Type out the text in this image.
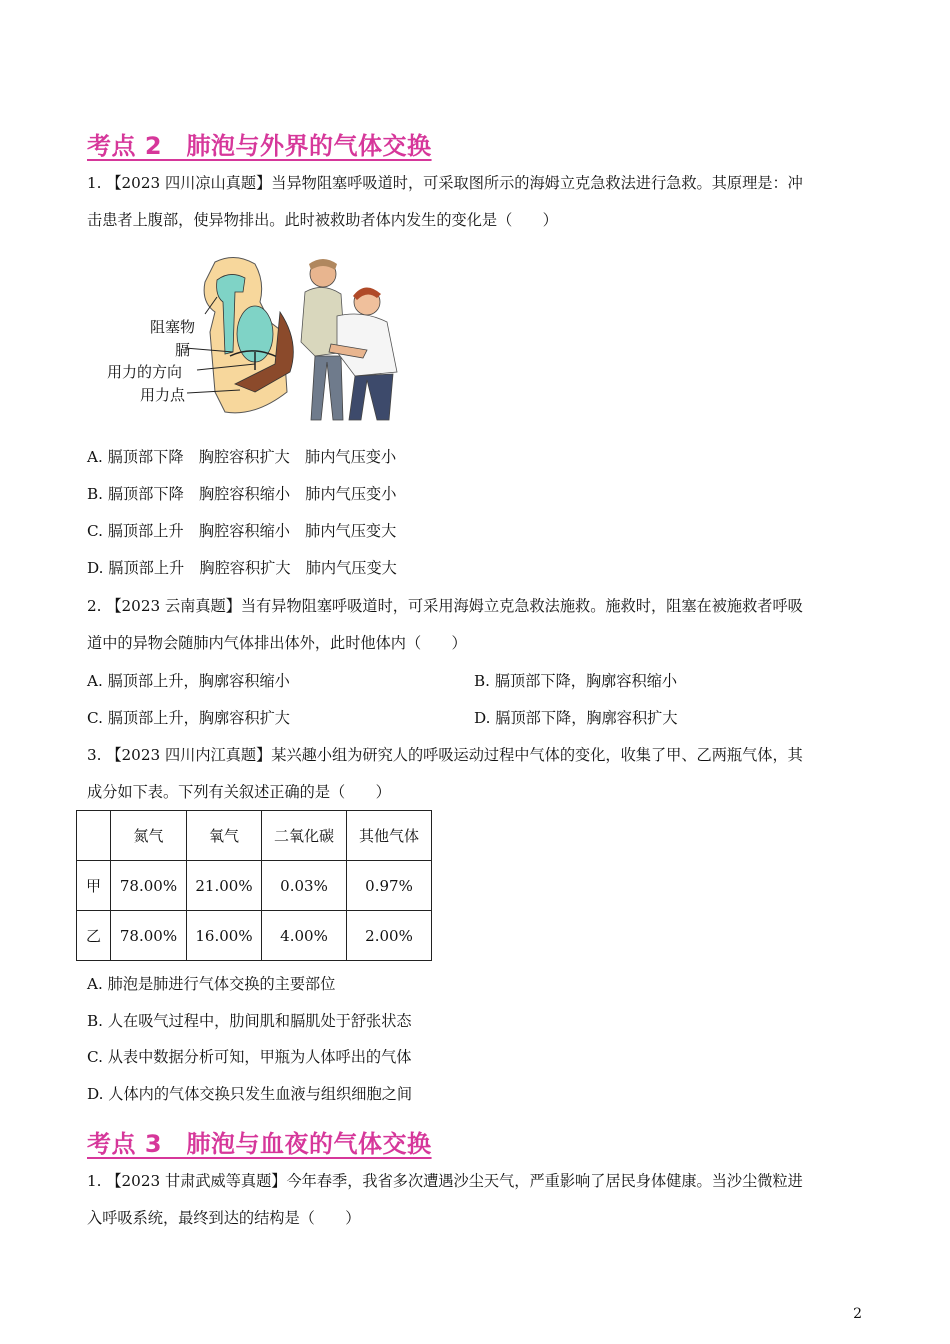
考点 2　肺泡与外界的气体交换
1. 【2023 四川凉山真题】当异物阻塞呼吸道时，可采取图所示的海姆立克急救法进行急救。其原理是：冲
击患者上腹部，使异物排出。此时被救助者体内发生的变化是（　　）
阻塞物
膈
用力的方向
用力点
A. 膈顶部下降　胸腔容积扩大　肺内气压变小
B. 膈顶部下降　胸腔容积缩小　肺内气压变小
C. 膈顶部上升　胸腔容积缩小　肺内气压变大
D. 膈顶部上升　胸腔容积扩大　肺内气压变大
2. 【2023 云南真题】当有异物阻塞呼吸道时，可采用海姆立克急救法施救。施救时，阻塞在被施救者呼吸
道中的异物会随肺内气体排出体外，此时他体内（　　）
A. 膈顶部上升，胸廓容积缩小	B. 膈顶部下降，胸廓容积缩小
C. 膈顶部上升，胸廓容积扩大	D. 膈顶部下降，胸廓容积扩大
3. 【2023 四川内江真题】某兴趣小组为研究人的呼吸运动过程中气体的变化，收集了甲、乙两瓶气体，其
成分如下表。下列有关叙述正确的是（　　）
	氮气	氧气	二氧化碳	其他气体
甲	78.00%	21.00%	0.03%	0.97%
乙	78.00%	16.00%	4.00%	2.00%
A. 肺泡是肺进行气体交换的主要部位
B. 人在吸气过程中，肋间肌和膈肌处于舒张状态
C. 从表中数据分析可知，甲瓶为人体呼出的气体
D. 人体内的气体交换只发生血液与组织细胞之间
考点 3　肺泡与血夜的气体交换
1. 【2023 甘肃武威等真题】今年春季，我省多次遭遇沙尘天气，严重影响了居民身体健康。当沙尘微粒进
入呼吸系统，最终到达的结构是（　　）
2
